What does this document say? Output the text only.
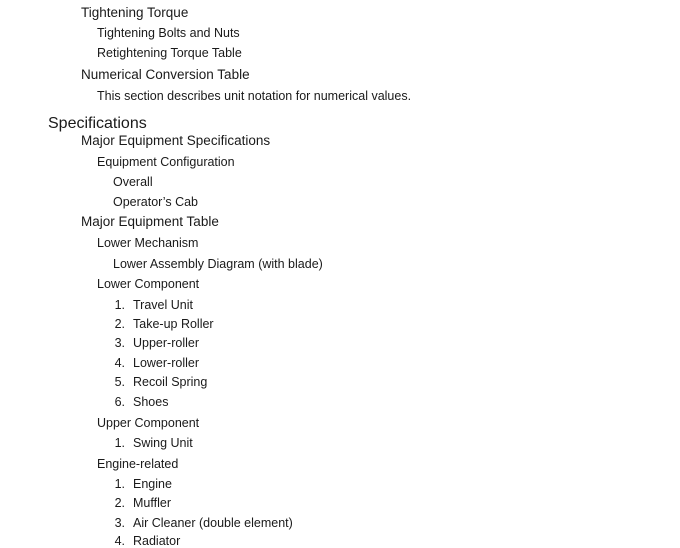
Tightening Torque
Tightening Bolts and Nuts
Retightening Torque Table
Numerical Conversion Table
This section describes unit notation for numerical values.
Specifications
Major Equipment Specifications
Equipment Configuration
Overall
Operator’s Cab
Major Equipment Table
Lower Mechanism
Lower Assembly Diagram (with blade)
Lower Component
1. Travel Unit
2. Take-up Roller
3. Upper-roller
4. Lower-roller
5. Recoil Spring
6. Shoes
Upper Component
1. Swing Unit
Engine-related
1. Engine
2. Muffler
3. Air Cleaner (double element)
4. Radiator
